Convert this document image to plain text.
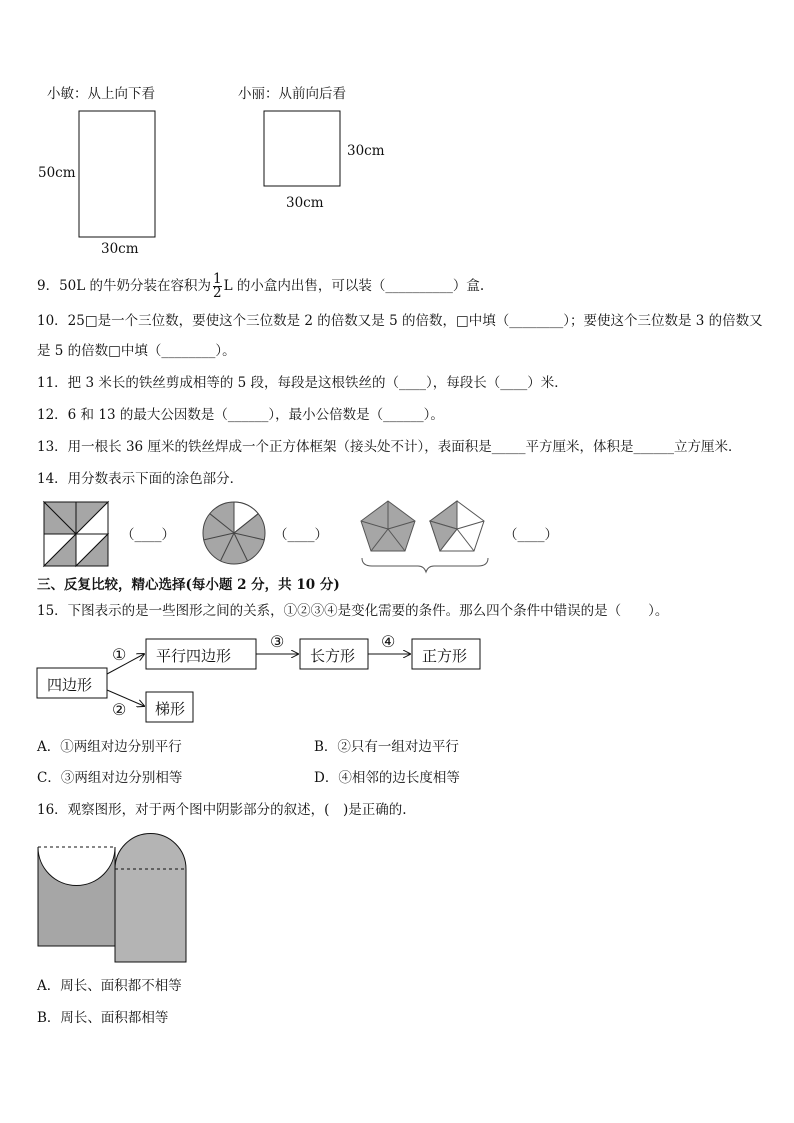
小敏：从上向下看	小丽：从前向后看
50cm
30cm
30cm
30cm
9．50L 的牛奶分装在容积为 $\frac{1}{2}$ L 的小盒内出售，可以装（__________）盒.
10．25□是一个三位数，要使这个三位数是 2 的倍数又是 5 的倍数，□中填（________）；要使这个三位数是 3 的倍数又
是 5 的倍数□中填（________）。
11．把 3 米长的铁丝剪成相等的 5 段，每段是这根铁丝的（____），每段长（____）米．
12．6 和 13 的最大公因数是（______），最小公倍数是（______）。
13．用一根长 36 厘米的铁丝焊成一个正方体框架（接头处不计），表面积是_____平方厘米，体积是______立方厘米．
14．用分数表示下面的涂色部分．
（____）	（____）	（____）
三、反复比较，精心选择(每小题 2 分，共 10 分)
15．下图表示的是一些图形之间的关系，①②③④是变化需要的条件。那么四个条件中错误的是（　　）。
四边形
平行四边形	长方形	正方形
梯形
①
②
③	④
A．①两组对边分别平行	B．②只有一组对边平行
C．③两组对边分别相等	D．④相邻的边长度相等
16．观察图形，对于两个图中阴影部分的叙述，(　)是正确的.
A．周长、面积都不相等
B．周长、面积都相等
